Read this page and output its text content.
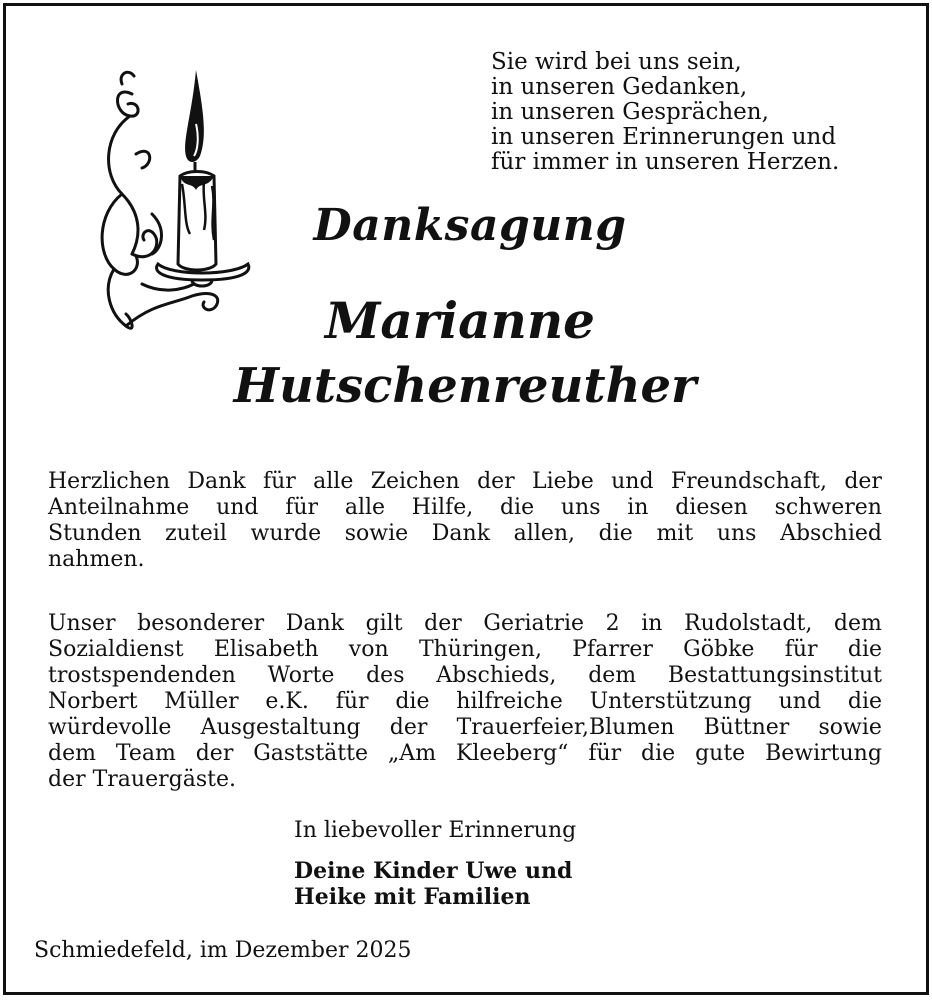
Sie wird bei uns sein,
in unseren Gedanken,
in unseren Gesprächen,
in unseren Erinnerungen und
für immer in unseren Herzen.
Danksagung
Marianne
Hutschenreuther
Herzlichen Dank für alle Zeichen der Liebe und Freundschaft, der
Anteilnahme und für alle Hilfe, die uns in diesen schweren
Stunden zuteil wurde sowie Dank allen, die mit uns Abschied
nahmen.
Unser besonderer Dank gilt der Geriatrie 2 in Rudolstadt, dem
Sozialdienst Elisabeth von Thüringen, Pfarrer Göbke für die
trostspendenden Worte des Abschieds, dem Bestattungsinstitut
Norbert Müller e.K. für die hilfreiche Unterstützung und die
würdevolle Ausgestaltung der Trauerfeier,Blumen Büttner sowie
dem Team der Gaststätte „Am Kleeberg“ für die gute Bewirtung
der Trauergäste.
In liebevoller Erinnerung
Deine Kinder Uwe und
Heike mit Familien
Schmiedefeld, im Dezember 2025
